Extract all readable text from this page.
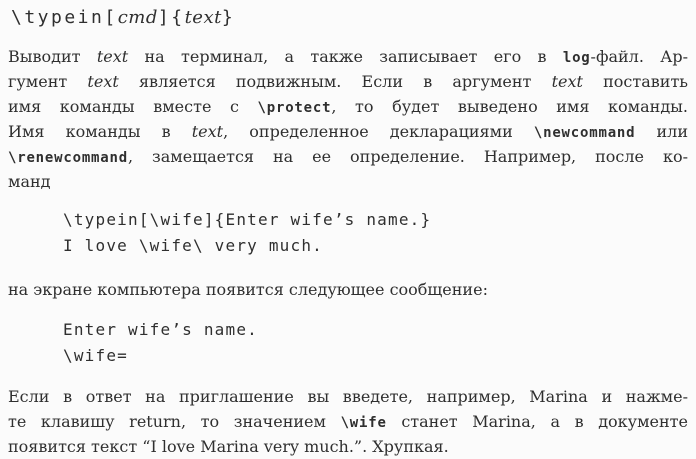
\typein[cmd]{text}
Выводит text на терминал, а также записывает его в log-файл. Ар-
гумент text является подвижным. Если в аргумент text поставить
имя команды вместе с \protect, то будет выведено имя команды.
Имя команды в text, определенное декларациями \newcommand или
\renewcommand, замещается на ее определение. Например, после ко-
манд
\typein[\wife]{Enter wife’s name.}
I love \wife\ very much.
на экране компьютера появится следующее сообщение:
Enter wife’s name.
\wife=
Если в ответ на приглашение вы введете, например, Marina и нажме-
те клавишу return, то значением \wife станет Marina, а в документе
появится текст “I love Marina very much.”. Хрупкая.
